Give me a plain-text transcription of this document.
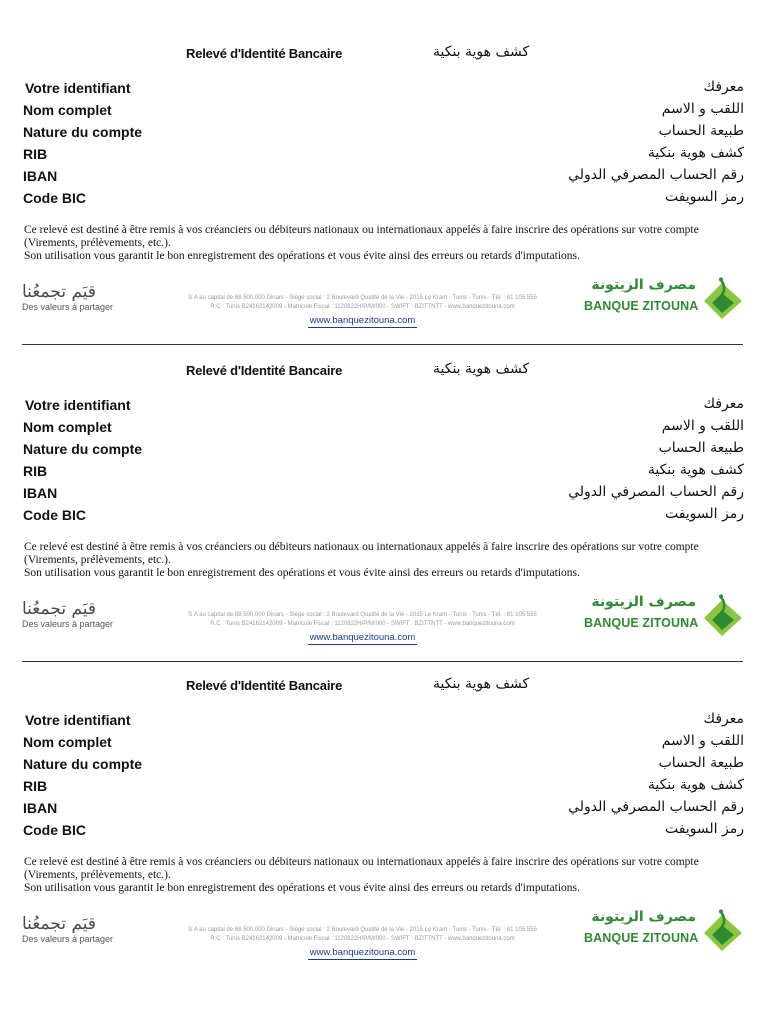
Relevé d'Identité Bancaire	كشف هوية بنكية
Votre identifiant	معرفك
Nom complet	اللقب و الاسم
Nature du compte	طبيعة الحساب
RIB	كشف هوية بنكية
IBAN	رقم الحساب المصرفي الدولي
Code BIC	رمز السويفت

Ce relevé est destiné à être remis à vos créanciers ou débiteurs nationaux ou internationaux appelés à faire inscrire des opérations sur votre compte (Virements, prélèvements, etc.).

Son utilisation vous garantit le bon enregistrement des opérations et vous évite ainsi des erreurs ou retards d'imputations.

قيَم تجمعُنا
Des valeurs à partager
S.A au capital de 88.500.000 Dinars - Siège social : 2 Boulevard Qualité de la Vie - 2015 Le Kram - Tunis - Tunis - Tél. : 81 105 555
R.C : Tunis B24162142009 - Matricule Fiscal : 1120822H/P/M/000 - SWIFT : BZITTNTT - www.banquezitouna.com
www.banquezitouna.com
مصرف الزيتونة
BANQUE ZITOUNA
Relevé d'Identité Bancaire	كشف هوية بنكية
Votre identifiant	معرفك
Nom complet	اللقب و الاسم
Nature du compte	طبيعة الحساب
RIB	كشف هوية بنكية
IBAN	رقم الحساب المصرفي الدولي
Code BIC	رمز السويفت

Ce relevé est destiné à être remis à vos créanciers ou débiteurs nationaux ou internationaux appelés à faire inscrire des opérations sur votre compte (Virements, prélèvements, etc.).

Son utilisation vous garantit le bon enregistrement des opérations et vous évite ainsi des erreurs ou retards d'imputations.

قيَم تجمعُنا
Des valeurs à partager
S.A au capital de 88.500.000 Dinars - Siège social : 2 Boulevard Qualité de la Vie - 2015 Le Kram - Tunis - Tunis - Tél. : 81 105 555
R.C : Tunis B24162142009 - Matricule Fiscal : 1120822H/P/M/000 - SWIFT : BZITTNTT - www.banquezitouna.com
www.banquezitouna.com
مصرف الزيتونة
BANQUE ZITOUNA
Relevé d'Identité Bancaire	كشف هوية بنكية
Votre identifiant	معرفك
Nom complet	اللقب و الاسم
Nature du compte	طبيعة الحساب
RIB	كشف هوية بنكية
IBAN	رقم الحساب المصرفي الدولي
Code BIC	رمز السويفت

Ce relevé est destiné à être remis à vos créanciers ou débiteurs nationaux ou internationaux appelés à faire inscrire des opérations sur votre compte (Virements, prélèvements, etc.).

Son utilisation vous garantit le bon enregistrement des opérations et vous évite ainsi des erreurs ou retards d'imputations.

قيَم تجمعُنا
Des valeurs à partager
S.A au capital de 88.500.000 Dinars - Siège social : 2 Boulevard Qualité de la Vie - 2015 Le Kram - Tunis - Tunis - Tél. : 81 105 555
R.C : Tunis B24162142009 - Matricule Fiscal : 1120822H/P/M/000 - SWIFT : BZITTNTT - www.banquezitouna.com
www.banquezitouna.com
مصرف الزيتونة
BANQUE ZITOUNA
